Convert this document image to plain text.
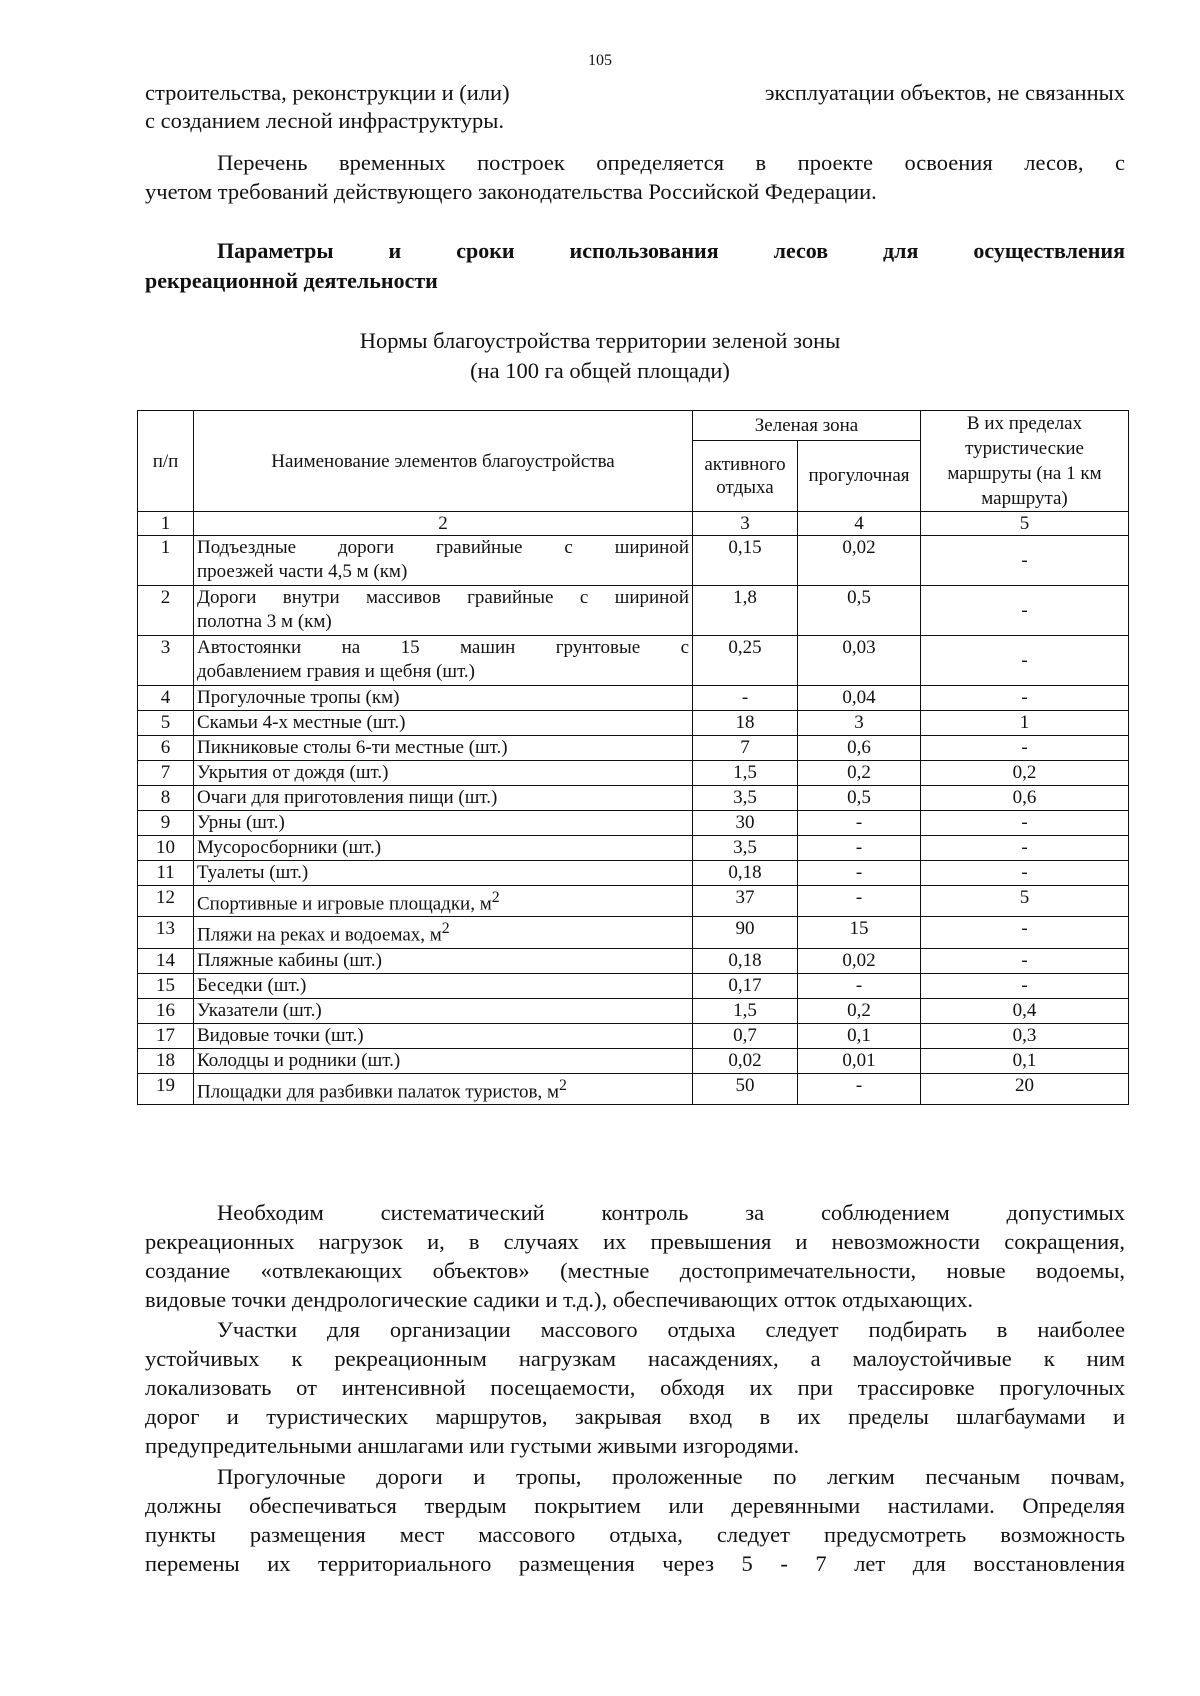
105
строительства, реконструкции и (или)	эксплуатации объектов, не связанных
с созданием лесной инфраструктуры.
Перечень временных построек определяется в проекте освоения лесов, с
учетом требований действующего законодательства Российской Федерации.
Параметры и сроки использования лесов для осуществления
рекреационной деятельности
Нормы благоустройства территории зеленой зоны
(на 100 га общей площади)
п/п	Наименование элементов благоустройства	Зеленая зона		В их пределах туристические маршруты (на 1 км маршрута)
		активного отдыха	прогулочная	
1	2	3	4	5
1	Подъездные дороги гравийные с шириной
проезжей части 4,5 м (км)	0,15	0,02	-
2	Дороги внутри массивов гравийные с шириной
полотна 3 м (км)	1,8	0,5	-
3	Автостоянки на 15 машин грунтовые с
добавлением гравия и щебня (шт.)	0,25	0,03	-
4	Прогулочные тропы (км)	-	0,04	-
5	Скамьи 4-х местные (шт.)	18	3	1
6	Пикниковые столы 6-ти местные (шт.)	7	0,6	-
7	Укрытия от дождя (шт.)	1,5	0,2	0,2
8	Очаги для приготовления пищи (шт.)	3,5	0,5	0,6
9	Урны (шт.)	30	-	-
10	Мусоросборники (шт.)	3,5	-	-
11	Туалеты (шт.)	0,18	-	-
12	Спортивные и игровые площадки, $м^2$	37	-	5
13	Пляжи на реках и водоемах, $м^2$	90	15	-
14	Пляжные кабины (шт.)	0,18	0,02	-
15	Беседки (шт.)	0,17	-	-
16	Указатели (шт.)	1,5	0,2	0,4
17	Видовые точки (шт.)	0,7	0,1	0,3
18	Колодцы и родники (шт.)	0,02	0,01	0,1
19	Площадки для разбивки палаток туристов, $м^2$	50	-	20
Необходим систематический контроль за соблюдением допустимых
рекреационных нагрузок и, в случаях их превышения и невозможности сокращения,
создание «отвлекающих объектов» (местные достопримечательности, новые водоемы,
видовые точки дендрологические садики и т.д.), обеспечивающих отток отдыхающих.
Участки для организации массового отдыха следует подбирать в наиболее
устойчивых к рекреационным нагрузкам насаждениях, а малоустойчивые к ним
локализовать от интенсивной посещаемости, обходя их при трассировке прогулочных
дорог и туристических маршрутов, закрывая вход в их пределы шлагбаумами и
предупредительными аншлагами или густыми живыми изгородями.
Прогулочные дороги и тропы, проложенные по легким песчаным почвам,
должны обеспечиваться твердым покрытием или деревянными настилами. Определяя
пункты размещения мест массового отдыха, следует предусмотреть возможность
перемены их территориального размещения через 5 - 7 лет для восстановления
